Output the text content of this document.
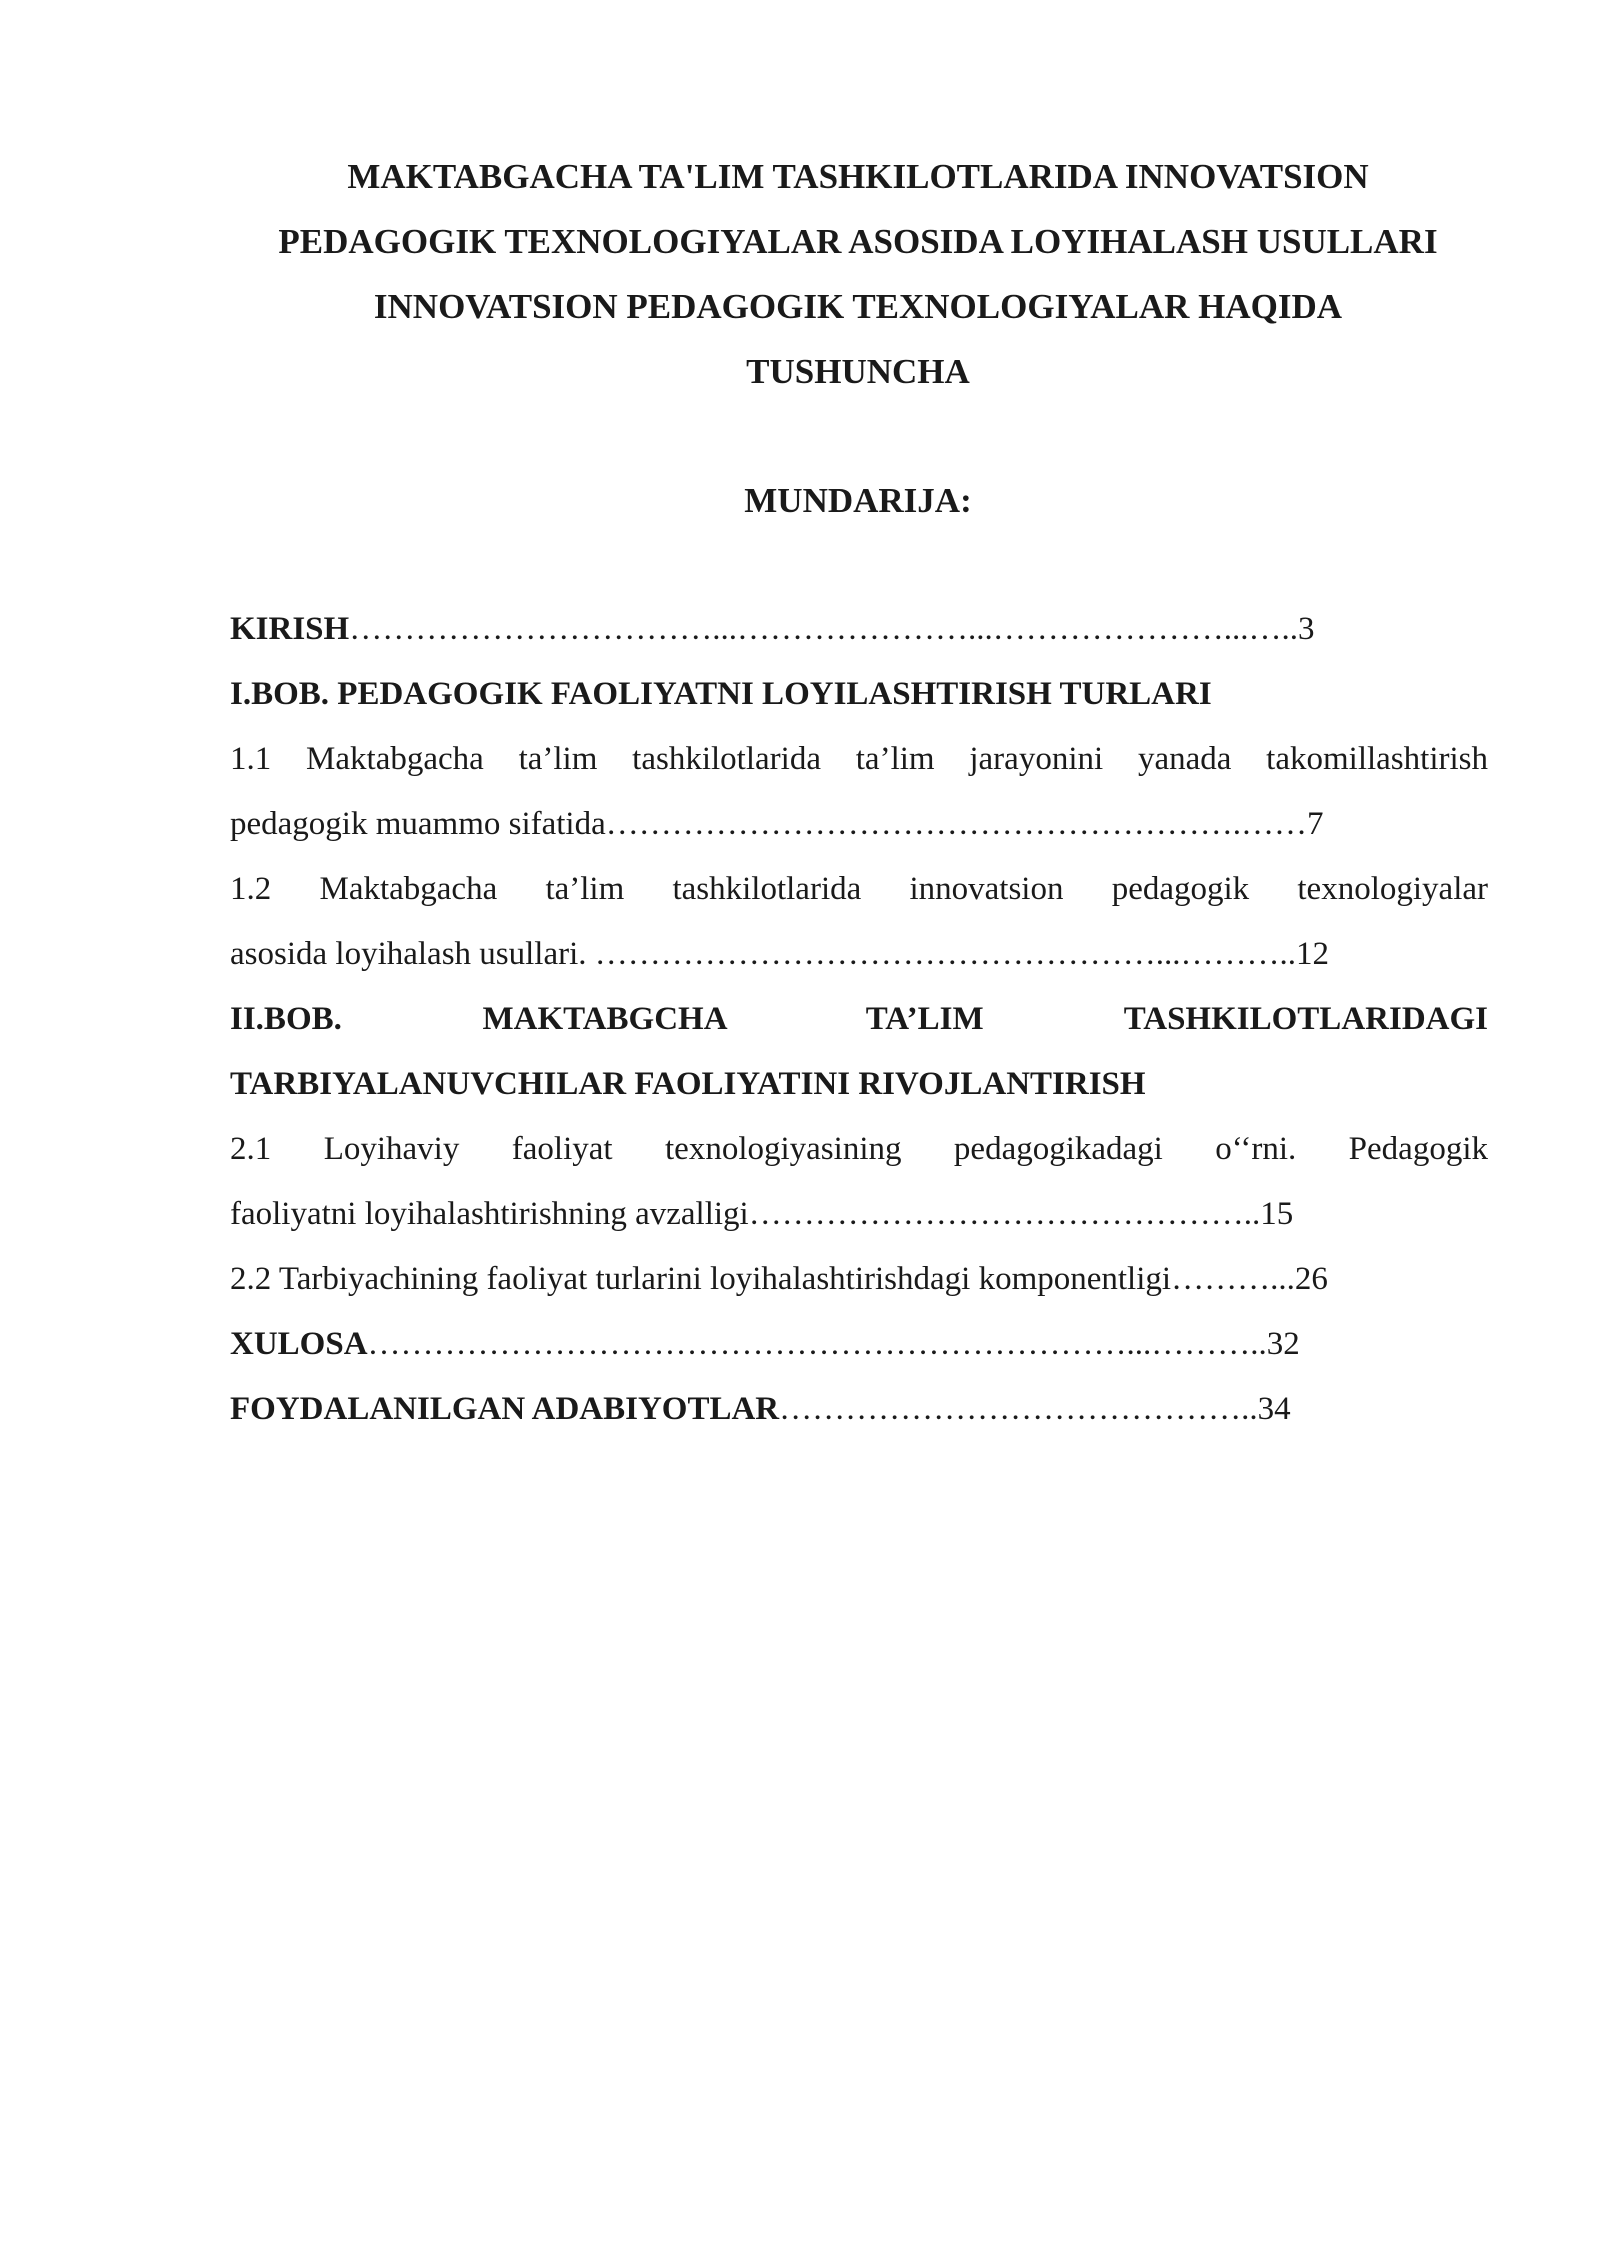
MAKTABGACHA TA'LIM TASHKILOTLARIDA INNOVATSION
PEDAGOGIK TEXNOLOGIYALAR ASOSIDA LOYIHALASH USULLARI
INNOVATSION PEDAGOGIK TEXNOLOGIYALAR HAQIDA
TUSHUNCHA
MUNDARIJA:
KIRISH……………………………...…………………...…………………...…..3
I.BOB. PEDAGOGIK FAOLIYATNI LOYILASHTIRISH TURLARI
1.1 Maktabgacha ta’lim tashkilotlarida ta’lim jarayonini yanada takomillashtirish
pedagogik muammo sifatida………………………………………………….……7
1.2 Maktabgacha ta’lim tashkilotlarida innovatsion pedagogik texnologiyalar
asosida loyihalash usullari. ……………………………………………...………..12
II.BOB. MAKTABGCHA TA’LIM TASHKILOTLARIDAGI
TARBIYALANUVCHILAR FAOLIYATINI RIVOJLANTIRISH
2.1 Loyihaviy faoliyat texnologiyasining pedagogikadagi o‘‘rni. Pedagogik
faoliyatni loyihalashtirishning avzalligi………………………………………..15
2.2 Tarbiyachining faoliyat turlarini loyihalashtirishdagi komponentligi………...26
XULOSA……………………………………………………………...………..32
FOYDALANILGAN ADABIYOTLAR……………………………………..34
